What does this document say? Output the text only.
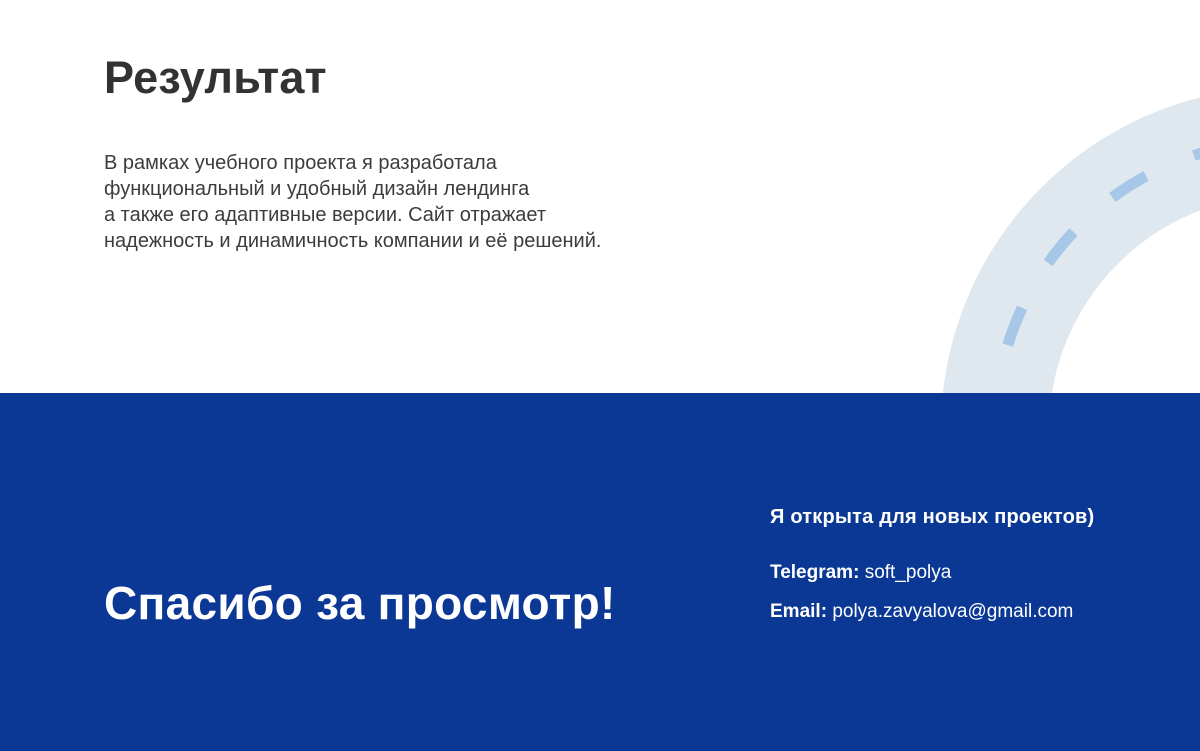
Результат
В рамках учебного проекта я разработала
функциональный и удобный дизайн лендинга
а также его адаптивные версии. Сайт отражает
надежность и динамичность компании и её решений.
Спасибо за просмотр!
Я открыта для новых проектов)
Telegram: soft_polya
Email: polya.zavyalova@gmail.com
